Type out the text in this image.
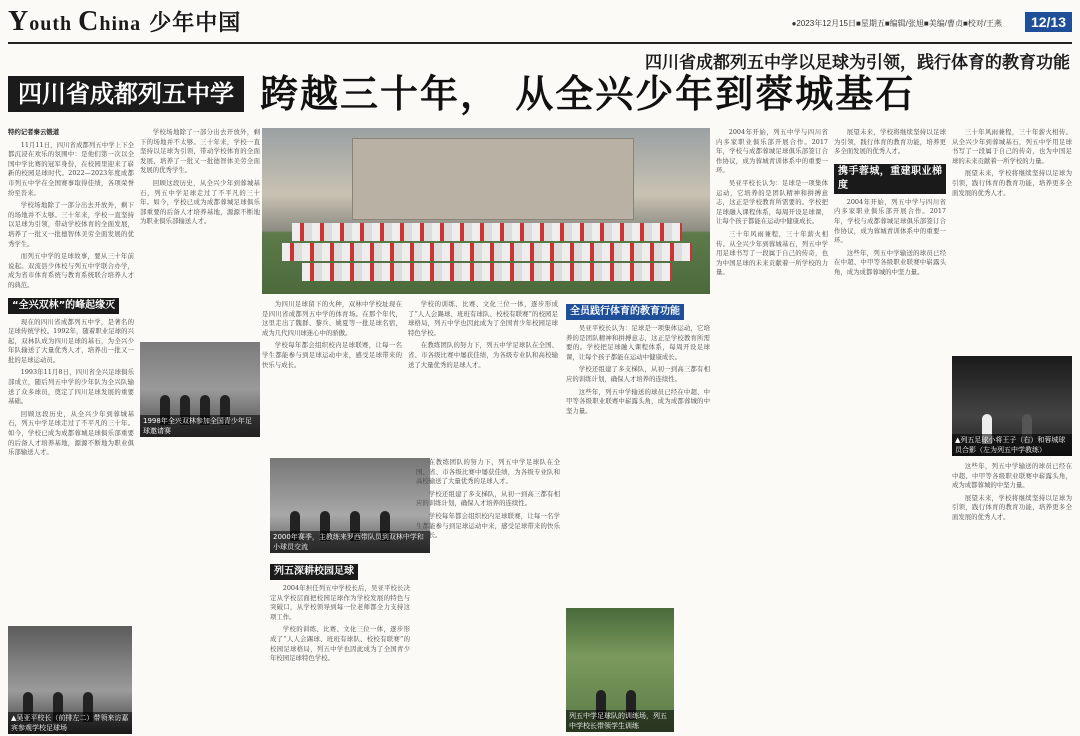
Youth China 少年中国	●2023年12月15日■星期五■编辑/张旭■美编/曹贞■校对/王燕	12/13
四川省成都列五中学以足球为引领，践行体育的教育功能
四川省成都列五中学 跨越三十年， 从全兴少年到蓉城基石

特约记者秦云锻道

11月11日，四川省成都列五中学上下全都沉浸在欢乐的氛围中：是他们第一次以全国中学比赛的冠军身份，在校园里迎来了崭新的校园足球时代。2022—2023年度成都市列五中学在全国赛事取得佳绩，各项荣誉纷至沓来。

学校场地除了一部分出去开放外，剩下的场地并不太够。三十年来，学校一直坚持以足球为引领，带动学校体育的全面发展，培养了一批又一批德智体美劳全面发展的优秀学生。

而列五中学的足球故事，要从三十年前说起。双流县少体校与列五中学联合办学，成为省市体育系统与教育系统联合培养人才的典范。

“全兴双林”的峰起缘灭

现在的四川省成都列五中学，是著名的足球传统学校。1992年，随着职业足球的兴起，双林队成为四川足球的基石，为全兴少年队输送了大量优秀人才，培养出一批又一批的足球运动员。

1993年11月8日，四川省全兴足球俱乐部成立，随后列五中学的少年队为全兴队输送了众多球员，奠定了四川足球发展的重要基础。

回顾这段历史，从全兴少年到蓉城基石，列五中学足球走过了不平凡的三十年。如今，学校已成为成都蓉城足球俱乐部重要的后备人才培养基地，源源不断地为职业俱乐部输送人才。

学校场地除了一部分出去开放外，剩下的场地并不太够。三十年来，学校一直坚持以足球为引领，带动学校体育的全面发展，培养了一批又一批德智体美劳全面发展的优秀学生。

回顾这段历史，从全兴少年到蓉城基石，列五中学足球走过了不平凡的三十年。如今，学校已成为成都蓉城足球俱乐部重要的后备人才培养基地，源源不断地为职业俱乐部输送人才。

为四川足球留下的火种，双林中学校址现在是四川省成都列五中学的体育场。在那个年代，这里走出了魏群、黎兵、姚夏等一批足球名宿，成为几代四川球迷心中的骄傲。

学校每年都会组织校内足球联赛，让每一名学生都能参与到足球运动中来，感受足球带来的快乐与成长。

学校的训练、比赛、文化三位一体，逐步形成了“人人会踢球、班班有球队、校校有联赛”的校园足球格局，列五中学也因此成为了全国青少年校园足球特色学校。

在教练团队的努力下，列五中学足球队在全国、省、市各级比赛中屡获佳绩，为各级专业队和高校输送了大量优秀的足球人才。

1998年全兴双林参加全国青少年足球邀请赛
2000年赛季，主教练来罗西带队员到双林中学和小球员交流
▲吴亚平校长（前排左二）带领来访嘉宾参观学校足球场
列五中学足球队的训练场，列五中学校长带领学生训练
▲列五足球小将王子（右）和蓉城球员合影（左为列五中学教练）
列五深耕校园足球

2004年担任列五中学校长后，吴亚平校长决定从学校层面把校园足球作为学校发展的特色与突破口，从学校领导到每一位老师都全力支持这项工作。

学校的训练、比赛、文化三位一体，逐步形成了“人人会踢球、班班有球队、校校有联赛”的校园足球格局，列五中学也因此成为了全国青少年校园足球特色学校。

在教练团队的努力下，列五中学足球队在全国、省、市各级比赛中屡获佳绩，为各级专业队和高校输送了大量优秀的足球人才。

学校还组建了多支梯队，从初一到高三都有相应的训练计划，确保人才培养的连续性。

学校每年都会组织校内足球联赛，让每一名学生都能参与到足球运动中来，感受足球带来的快乐与成长。

全员践行体育的教育功能

吴亚平校长认为：足球是一项集体运动，它培养的是团队精神和拼搏意志，这正是学校教育所需要的。学校把足球融入课程体系，每周开设足球课，让每个孩子都能在运动中健康成长。

学校还组建了多支梯队，从初一到高三都有相应的训练计划，确保人才培养的连续性。

这些年，列五中学输送的球员已经在中超、中甲等各级职业联赛中崭露头角，成为成都蓉城的中坚力量。

2004年开始，列五中学与四川省内多家职业俱乐部开展合作。2017年，学校与成都蓉城足球俱乐部签订合作协议，成为蓉城青训体系中的重要一环。

吴亚平校长认为：足球是一项集体运动，它培养的是团队精神和拼搏意志，这正是学校教育所需要的。学校把足球融入课程体系，每周开设足球课，让每个孩子都能在运动中健康成长。

三十年风雨兼程，三十年薪火相传。从全兴少年到蓉城基石，列五中学用足球书写了一段属于自己的传奇，也为中国足球的未来贡献着一所学校的力量。

展望未来，学校将继续坚持以足球为引领，践行体育的教育功能，培养更多全面发展的优秀人才。

携手蓉城，重建职业梯度

2004年开始，列五中学与四川省内多家职业俱乐部开展合作。2017年，学校与成都蓉城足球俱乐部签订合作协议，成为蓉城青训体系中的重要一环。

这些年，列五中学输送的球员已经在中超、中甲等各级职业联赛中崭露头角，成为成都蓉城的中坚力量。

三十年风雨兼程，三十年薪火相传。从全兴少年到蓉城基石，列五中学用足球书写了一段属于自己的传奇，也为中国足球的未来贡献着一所学校的力量。

展望未来，学校将继续坚持以足球为引领，践行体育的教育功能，培养更多全面发展的优秀人才。

这些年，列五中学输送的球员已经在中超、中甲等各级职业联赛中崭露头角，成为成都蓉城的中坚力量。

展望未来，学校将继续坚持以足球为引领，践行体育的教育功能，培养更多全面发展的优秀人才。
